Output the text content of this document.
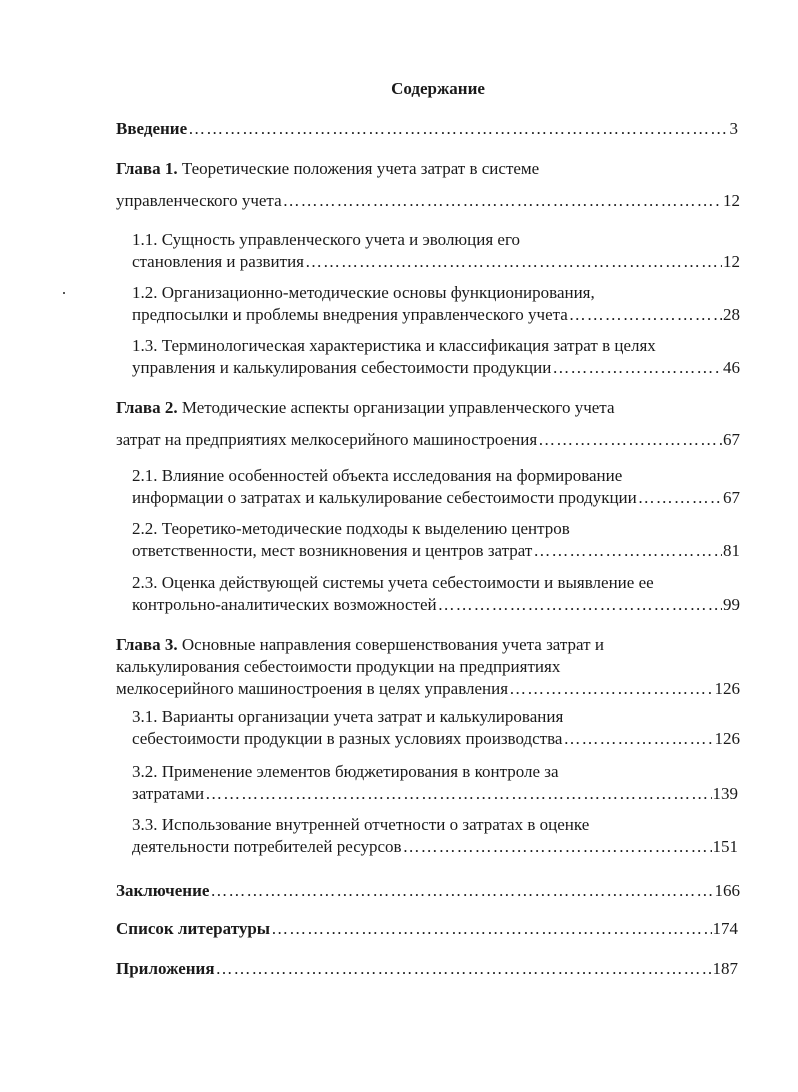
Содержание
Введение …………………………………………………………………………………………………………………………………………………………………………………………………………………………………………………	3
Глава 1.
Теоретические положения учета затрат в системе
управленческого учета …………………………………………………………………………………………………………………………………………………………………………………………………………………………………………………	12
1.1. Сущность управленческого учета и эволюция его
становления и развития …………………………………………………………………………………………………………………………………………………………………………………………………………………………………………………	12
1.2. Организационно-методические основы функционирования,
предпосылки и проблемы внедрения управленческого учета …………………………………………………………………………………………………………………………………………………………………………………………………………………………………………………	28
1.3. Терминологическая характеристика и классификация затрат в целях
управления и калькулирования себестоимости продукции …………………………………………………………………………………………………………………………………………………………………………………………………………………………………………………	46
Глава 2.
Методические аспекты организации управленческого учета
затрат на предприятиях мелкосерийного машиностроения …………………………………………………………………………………………………………………………………………………………………………………………………………………………………………………	67
2.1. Влияние особенностей объекта исследования на формирование
информации о затратах и калькулирование себестоимости продукции …………………………………………………………………………………………………………………………………………………………………………………………………………………………………………………	67
2.2. Теоретико-методические подходы к выделению центров
ответственности, мест возникновения и центров затрат …………………………………………………………………………………………………………………………………………………………………………………………………………………………………………………	81
2.3. Оценка действующей системы учета себестоимости и выявление ее
контрольно-аналитических возможностей …………………………………………………………………………………………………………………………………………………………………………………………………………………………………………………	99
Глава 3.
Основные направления совершенствования учета затрат и
калькулирования себестоимости продукции на предприятиях
мелкосерийного машиностроения в целях управления …………………………………………………………………………………………………………………………………………………………………………………………………………………………………………………	126
3.1. Варианты организации учета затрат и калькулирования
себестоимости продукции в разных условиях производства …………………………………………………………………………………………………………………………………………………………………………………………………………………………………………………	126
3.2. Применение элементов бюджетирования в контроле за
затратами …………………………………………………………………………………………………………………………………………………………………………………………………………………………………………………	139
3.3. Использование внутренней отчетности о затратах в оценке
деятельности потребителей ресурсов …………………………………………………………………………………………………………………………………………………………………………………………………………………………………………………	151
Заключение …………………………………………………………………………………………………………………………………………………………………………………………………………………………………………………	166
Список литературы …………………………………………………………………………………………………………………………………………………………………………………………………………………………………………………	174
Приложения …………………………………………………………………………………………………………………………………………………………………………………………………………………………………………………	187
